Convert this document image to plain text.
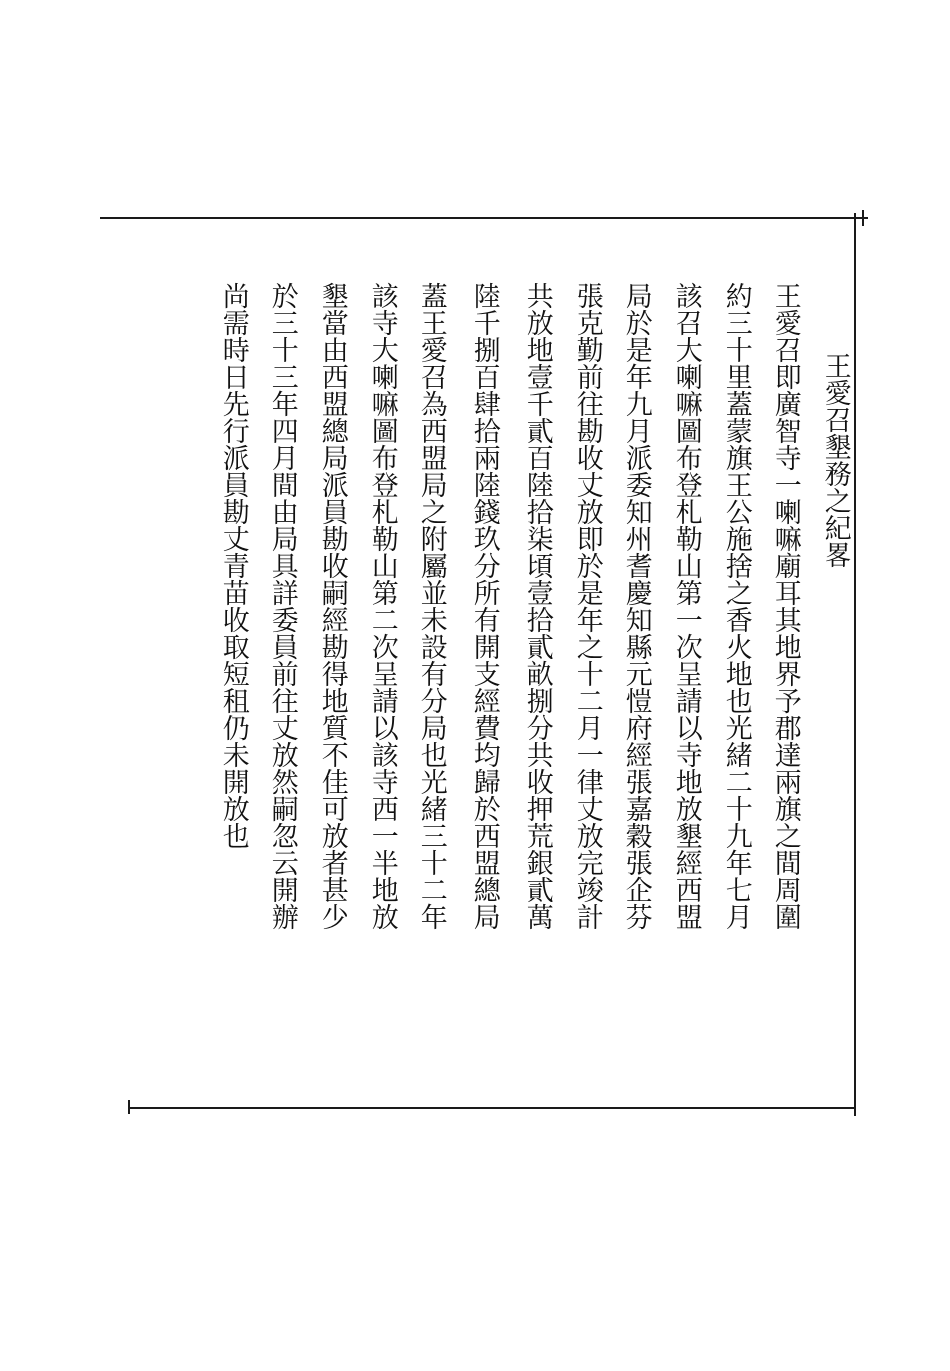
王愛召墾務之紀畧
王愛召即廣智寺一喇嘛廟耳其地界予郡達兩旗之間周圍
約三十里蓋蒙旗王公施捨之香火地也光緒二十九年七月
該召大喇嘛圖布登札勒山第一次呈請以寺地放墾經西盟
局於是年九月派委知州耆慶知縣元愷府經張嘉穀張企芬
張克勤前往勘收丈放即於是年之十二月一律丈放完竣計
共放地壹千貳百陸拾柒頃壹拾貳畝捌分共收押荒銀貳萬
陸千捌百肆拾兩陸錢玖分所有開支經費均歸於西盟總局
蓋王愛召為西盟局之附屬並未設有分局也光緒三十二年
該寺大喇嘛圖布登札勒山第二次呈請以該寺西一半地放
墾當由西盟總局派員勘收嗣經勘得地質不佳可放者甚少
於三十三年四月間由局具詳委員前往丈放然嗣忽云開辦
尚需時日先行派員勘丈青苗收取短租仍未開放也
